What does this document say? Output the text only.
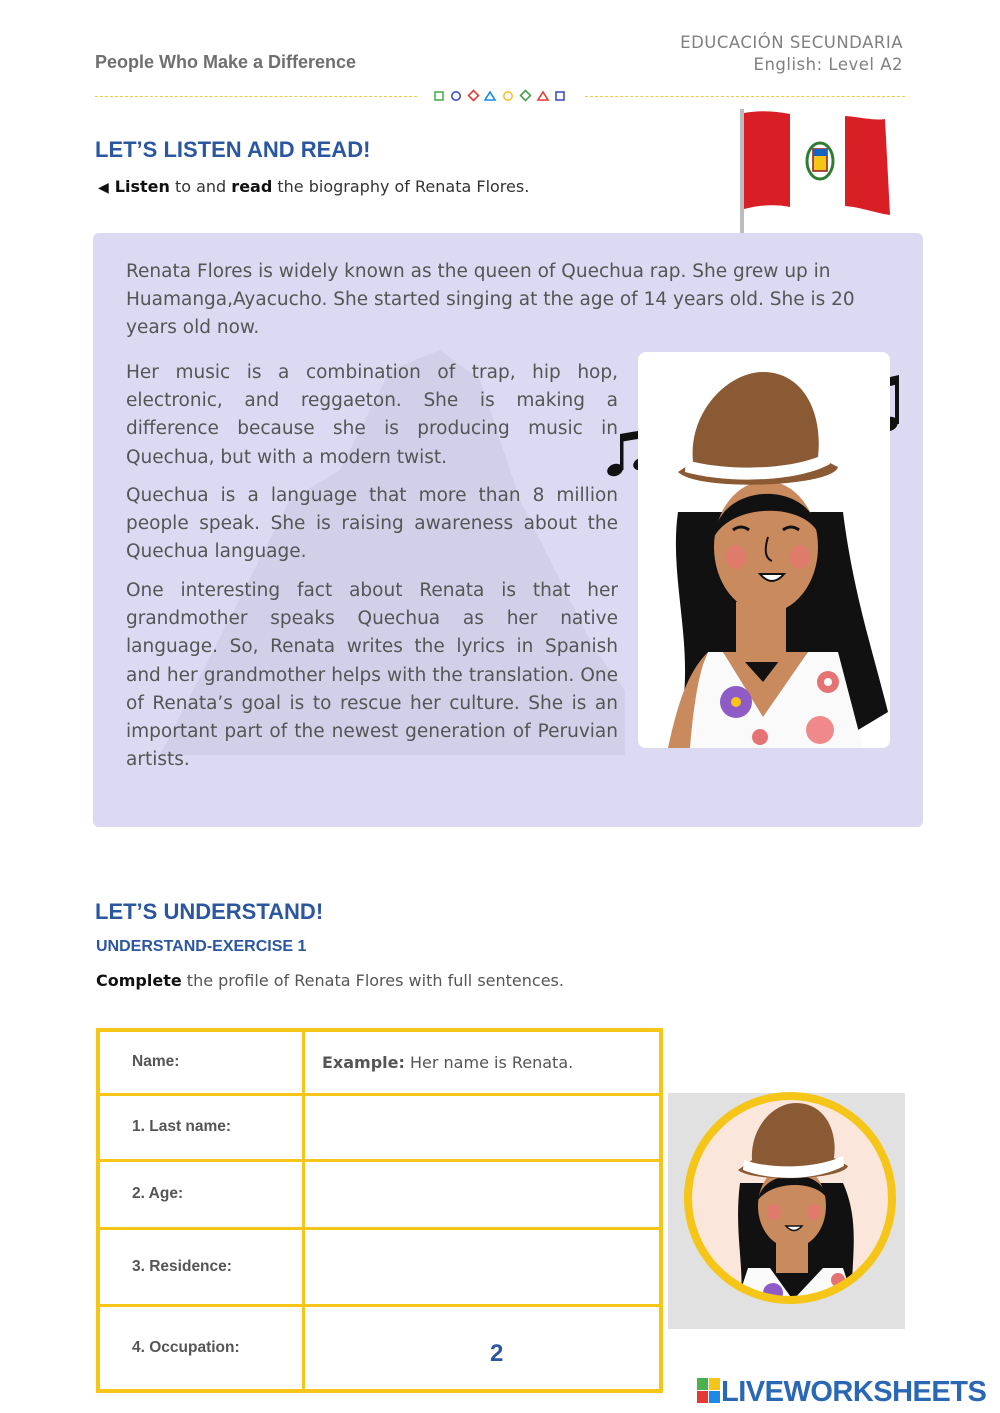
People Who Make a Difference
EDUCACIÓN SECUNDARIA
English: Level A2
LET’S LISTEN AND READ!
◀ Listen to and read the biography of Renata Flores.
Renata Flores is widely known as the queen of Quechua rap. She grew up in Huamanga,Ayacucho. She started singing at the age of 14 years old. She is 20 years old now.
Her music is a combination of trap, hip hop, electronic, and reggaeton. She is making a difference because she is producing music in Quechua, but with a modern twist.
Quechua is a language that more than 8 million people speak. She is raising awareness about the Quechua language.
One interesting fact about Renata is that her grandmother speaks Quechua as her native language. So, Renata writes the lyrics in Spanish and her grandmother helps with the translation. One of Renata’s goal is to rescue her culture. She is an important part of the newest generation of Peruvian artists.
LET’S UNDERSTAND!
UNDERSTAND-EXERCISE 1
Complete the profile of Renata Flores with full sentences.
Name:	Example: Her name is Renata.
1. Last name:	
2. Age:	
3. Residence:	
4. Occupation:		2
LIVEWORKSHEETS
